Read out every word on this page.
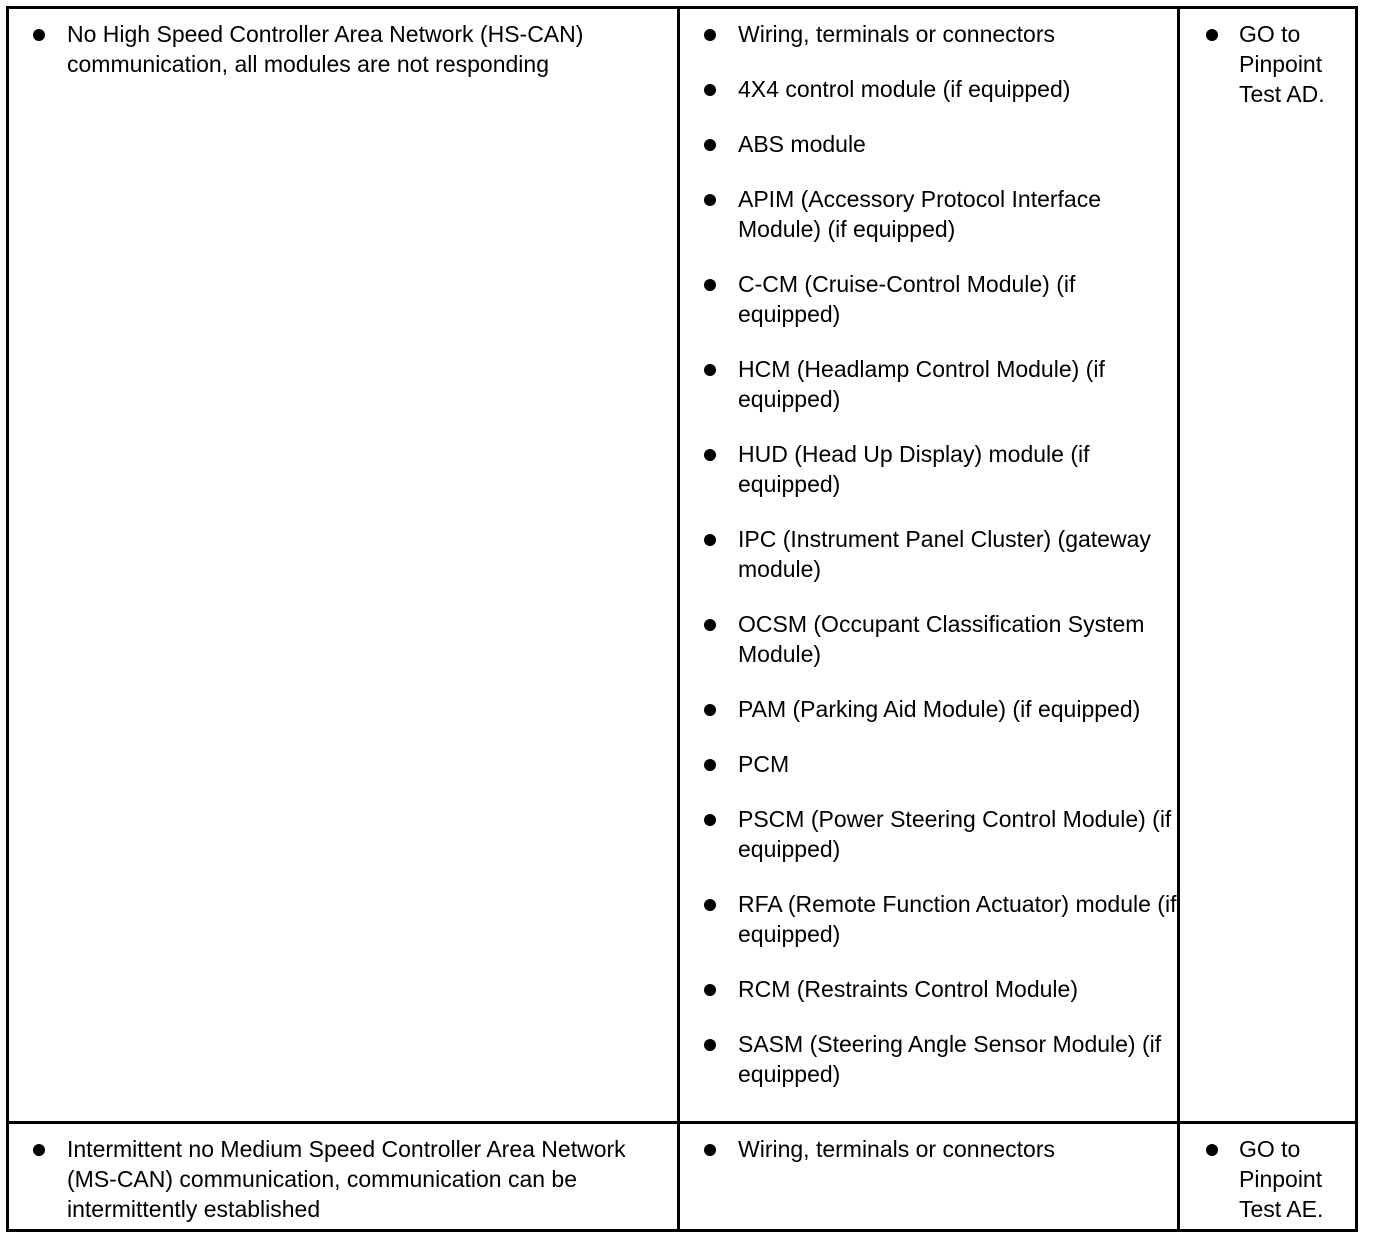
No High Speed Controller Area Network (HS-CAN) communication, all modules are not responding
Wiring, terminals or connectors
4X4 control module (if equipped)
ABS module
APIM (Accessory Protocol Interface Module) (if equipped)
C-CM (Cruise-Control Module) (if equipped)
HCM (Headlamp Control Module) (if equipped)
HUD (Head Up Display) module (if equipped)
IPC (Instrument Panel Cluster) (gateway module)
OCSM (Occupant Classification System Module)
PAM (Parking Aid Module) (if equipped)
PCM
PSCM (Power Steering Control Module) (if equipped)
RFA (Remote Function Actuator) module (if equipped)
RCM (Restraints Control Module)
SASM (Steering Angle Sensor Module) (if equipped)
GO to Pinpoint Test AD.
Intermittent no Medium Speed Controller Area Network (MS-CAN) communication, communication can be intermittently established
Wiring, terminals or connectors	GO to Pinpoint Test AE.
